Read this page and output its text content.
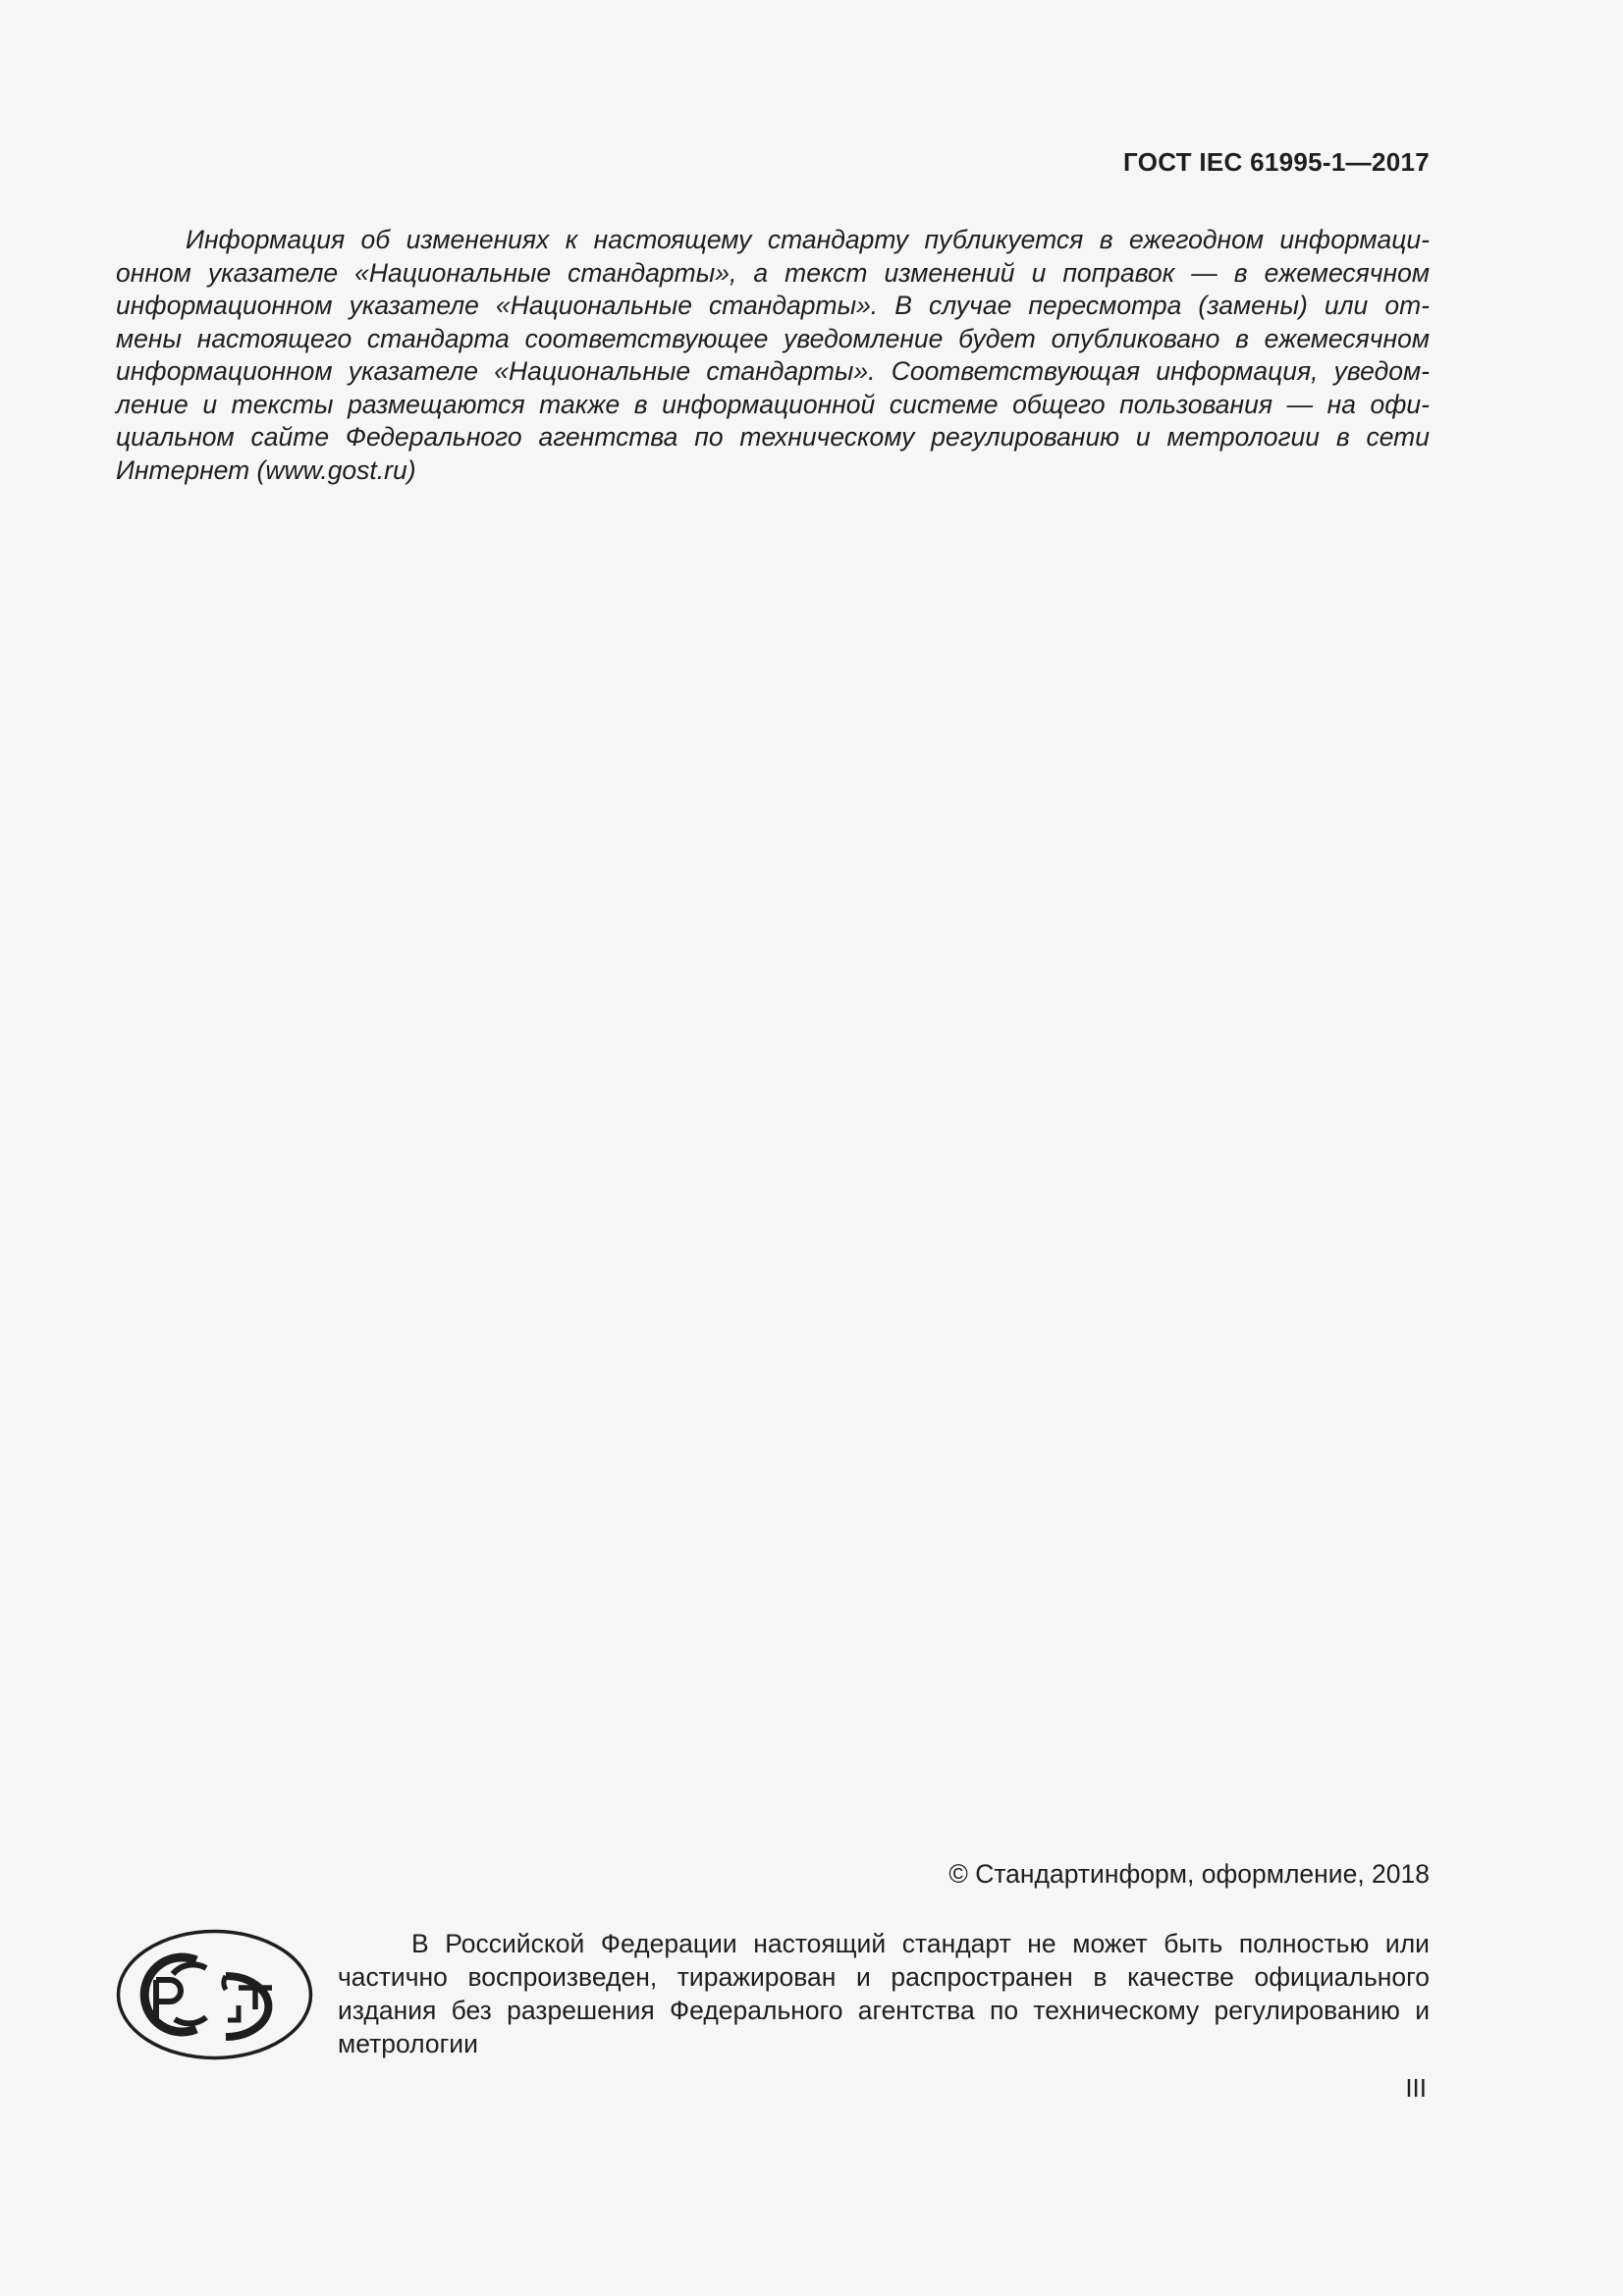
ГОСТ IEC 61995-1—2017
Информация об изменениях к настоящему стандарту публикуется в ежегодном информаци-
онном указателе «Национальные стандарты», а текст изменений и поправок — в ежемесячном
информационном указателе «Национальные стандарты». В случае пересмотра (замены) или от-
мены настоящего стандарта соответствующее уведомление будет опубликовано в ежемесячном
информационном указателе «Национальные стандарты». Соответствующая информация, уведом-
ление и тексты размещаются также в информационной системе общего пользования — на офи-
циальном сайте Федерального агентства по техническому регулированию и метрологии в сети
Интернет (www.gost.ru)
© Стандартинформ, оформление, 2018
В Российской Федерации настоящий стандарт не может быть полностью или
частично воспроизведен, тиражирован и распространен в качестве официального
издания без разрешения Федерального агентства по техническому регулированию и
метрологии
III
